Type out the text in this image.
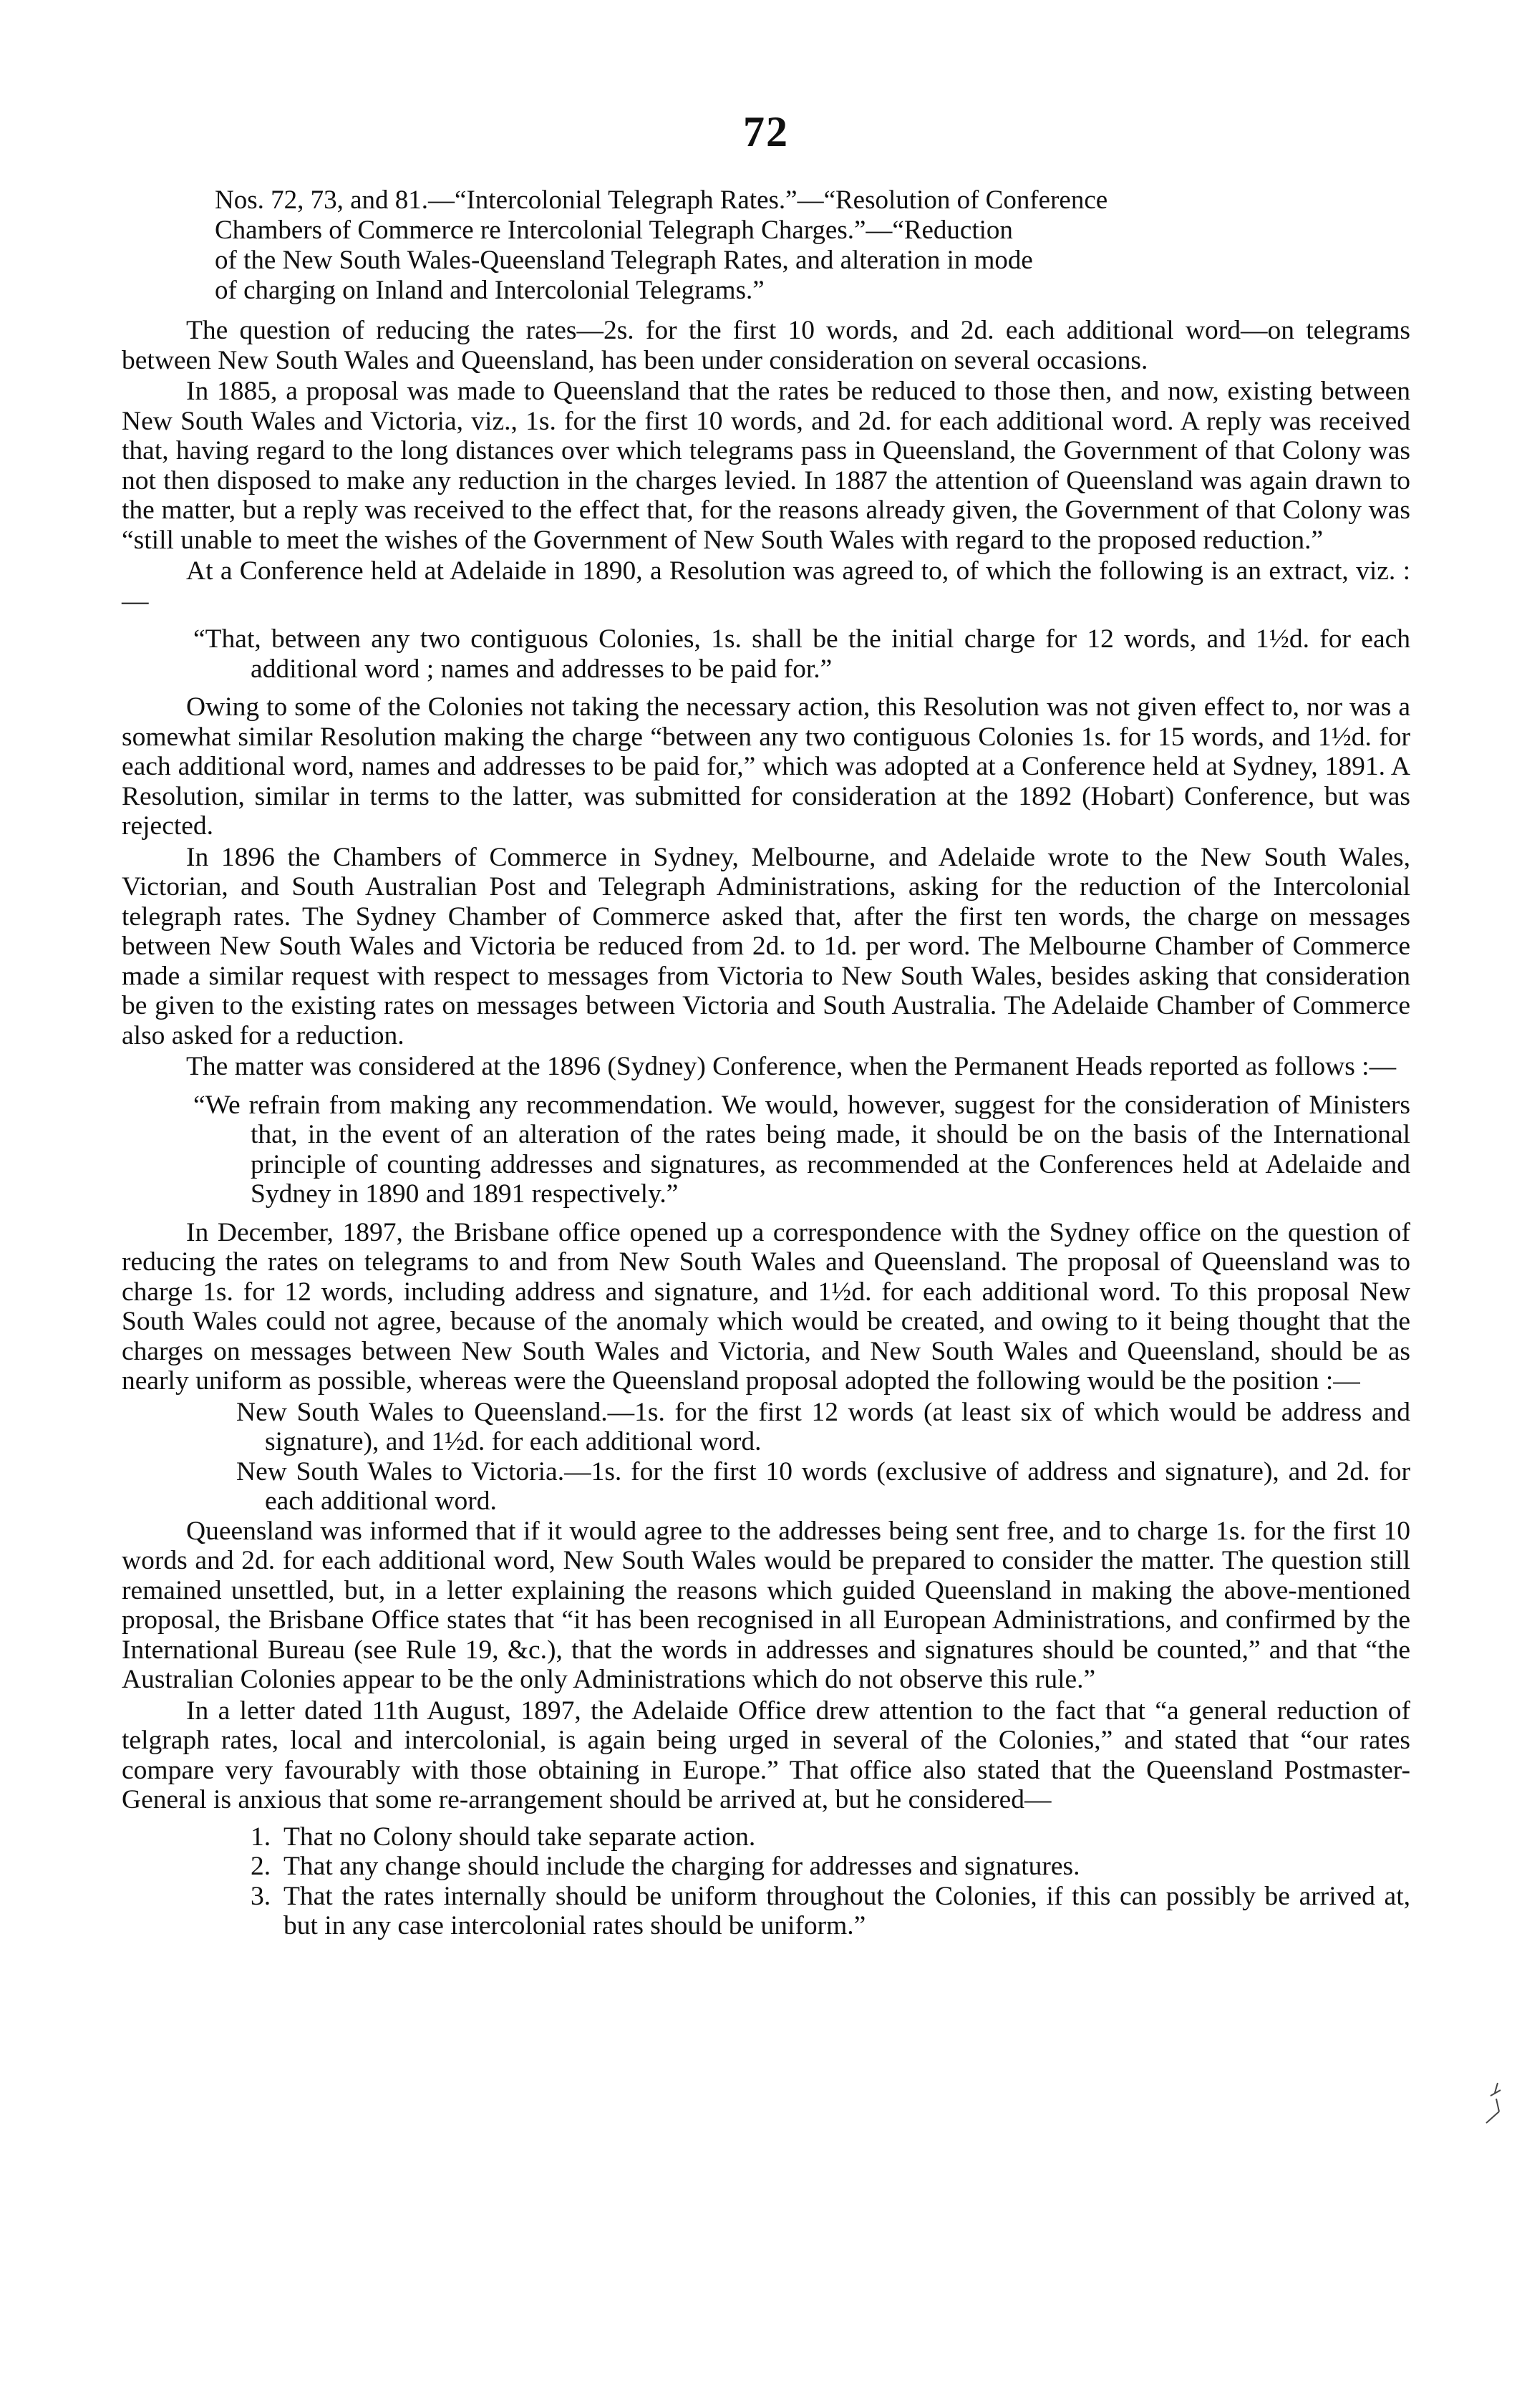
72
Nos. 72, 73, and 81.—“Intercolonial Telegraph Rates.”—“Resolution of Conference
Chambers of Commerce re Intercolonial Telegraph Charges.”—“Reduction
of the New South Wales-Queensland Telegraph Rates, and alteration in mode
of charging on Inland and Intercolonial Telegrams.”

The question of reducing the rates—2s. for the first 10 words, and 2d. each additional word—on telegrams between New South Wales and Queensland, has been under consideration on several occasions.

In 1885, a proposal was made to Queensland that the rates be reduced to those then, and now, existing between New South Wales and Victoria, viz., 1s. for the first 10 words, and 2d. for each additional word. A reply was received that, having regard to the long distances over which telegrams pass in Queensland, the Government of that Colony was not then disposed to make any reduction in the charges levied. In 1887 the attention of Queensland was again drawn to the matter, but a reply was received to the effect that, for the reasons already given, the Government of that Colony was “still unable to meet the wishes of the Government of New South Wales with regard to the proposed reduction.”

At a Conference held at Adelaide in 1890, a Resolution was agreed to, of which the following is an extract, viz. :—

“That, between any two contiguous Colonies, 1s. shall be the initial charge for 12 words, and 1½d. for each additional word ; names and addresses to be paid for.”

Owing to some of the Colonies not taking the necessary action, this Resolution was not given effect to, nor was a somewhat similar Resolution making the charge “between any two contiguous Colonies 1s. for 15 words, and 1½d. for each additional word, names and addresses to be paid for,” which was adopted at a Conference held at Sydney, 1891. A Resolution, similar in terms to the latter, was submitted for consideration at the 1892 (Hobart) Conference, but was rejected.

In 1896 the Chambers of Commerce in Sydney, Melbourne, and Adelaide wrote to the New South Wales, Victorian, and South Australian Post and Telegraph Administrations, asking for the reduction of the Intercolonial telegraph rates. The Sydney Chamber of Commerce asked that, after the first ten words, the charge on messages between New South Wales and Victoria be reduced from 2d. to 1d. per word. The Melbourne Chamber of Commerce made a similar request with respect to messages from Victoria to New South Wales, besides asking that consideration be given to the existing rates on messages between Victoria and South Australia. The Adelaide Chamber of Commerce also asked for a reduction.

The matter was considered at the 1896 (Sydney) Conference, when the Permanent Heads reported as follows :—

“We refrain from making any recommendation. We would, however, suggest for the consideration of Ministers that, in the event of an alteration of the rates being made, it should be on the basis of the International principle of counting addresses and signatures, as recommended at the Conferences held at Adelaide and Sydney in 1890 and 1891 respectively.”

In December, 1897, the Brisbane office opened up a correspondence with the Sydney office on the question of reducing the rates on telegrams to and from New South Wales and Queensland. The proposal of Queensland was to charge 1s. for 12 words, including address and signature, and 1½d. for each additional word. To this proposal New South Wales could not agree, because of the anomaly which would be created, and owing to it being thought that the charges on messages between New South Wales and Victoria, and New South Wales and Queensland, should be as nearly uniform as possible, whereas were the Queensland proposal adopted the following would be the position :—

New South Wales to Queensland.—1s. for the first 12 words (at least six of which would be address and signature), and 1½d. for each additional word.

New South Wales to Victoria.—1s. for the first 10 words (exclusive of address and signature), and 2d. for each additional word.

Queensland was informed that if it would agree to the addresses being sent free, and to charge 1s. for the first 10 words and 2d. for each additional word, New South Wales would be prepared to consider the matter. The question still remained unsettled, but, in a letter explaining the reasons which guided Queensland in making the above-mentioned proposal, the Brisbane Office states that “it has been recognised in all European Administrations, and confirmed by the International Bureau (see Rule 19, &c.), that the words in addresses and signatures should be counted,” and that “the Australian Colonies appear to be the only Administrations which do not observe this rule.”

In a letter dated 11th August, 1897, the Adelaide Office drew attention to the fact that “a general reduction of telgraph rates, local and intercolonial, is again being urged in several of the Colonies,” and stated that “our rates compare very favourably with those obtaining in Europe.” That office also stated that the Queensland Postmaster-General is anxious that some re-arrangement should be arrived at, but he considered—

1. That no Colony should take separate action.
2. That any change should include the charging for addresses and signatures.
3. That the rates internally should be uniform throughout the Colonies, if this can possibly be arrived at, but in any case intercolonial rates should be uniform.”
